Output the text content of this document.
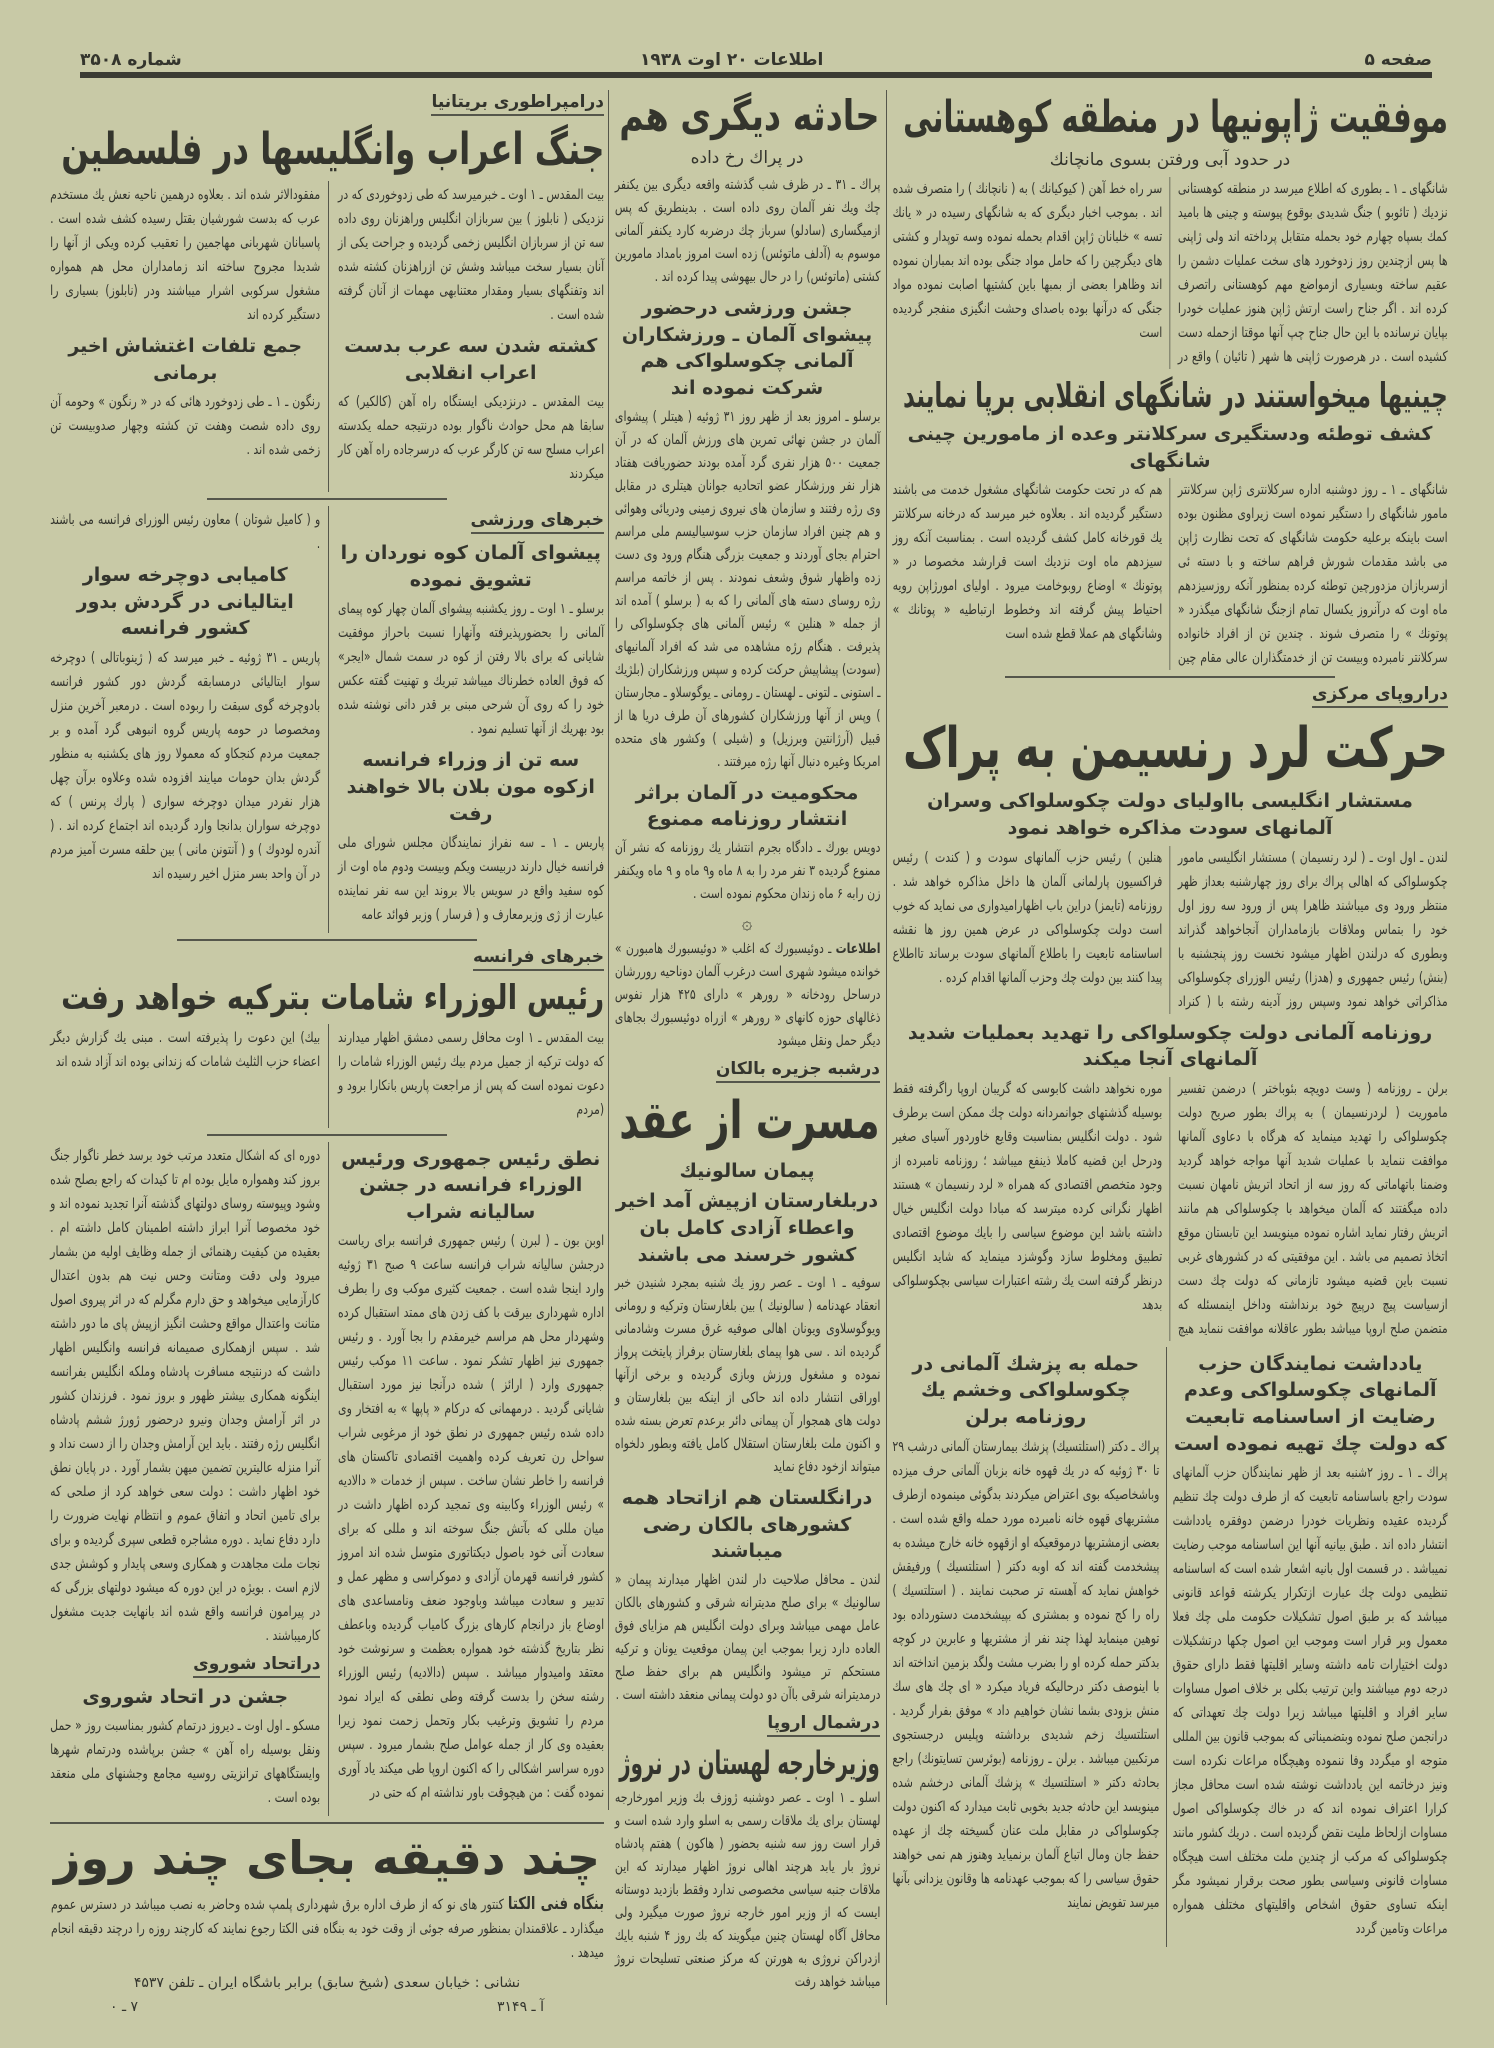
صفحه ۵
اطلاعات ۲۰ اوت ۱۹۳۸
شماره ۳۵۰۸
موفقیت ژاپونیها در منطقه کوهستانی
در حدود آبی ورفتن بسوی مانچانك
شانگهای ـ ۱ ـ بطوری که اطلاع میرسد در منطقه کوهستانی نزدیك ( تائوبو ) جنگ شدیدی بوقوع پیوسته و چینی ها بامید کمك بسپاه چهارم خود بحمله متقابل پرداخته اند ولی ژاپنی ها پس ازچندین روز زدوخورد های سخت عملیات دشمن را عقیم ساخته وبسیاری ازمواضع مهم کوهستانی راتصرف کرده اند . اگر جناح راست ارتش ژاپن هنوز عملیات خودرا بپایان نرسانده با این حال جناح چپ آنها موقتا ازحمله دست کشیده است . در هرصورت ژاپنی ها شهر ( تائیان ) واقع در سر راه خط آهن ( کیوکیانك ) به ( نانچانك ) را متصرف شده اند . بموجب اخبار دیگری که به شانگهای رسیده در « یانك تسه » خلبانان ژاپن اقدام بحمله نموده وسه توپدار و کشتی های دیگرچین را که حامل مواد جنگی بوده اند بمباران نموده اند وظاهرا بعضی از بمبها باین کشتیها اصابت نموده مواد جنگی که درآنها بوده باصدای وحشت انگیزی منفجر گردیده است
چینیها میخواستند در شانگهای انقلابی برپا نمایند
کشف توطئه ودستگیری سرکلانتر وعده از مامورین چینی شانگهای
شانگهای ـ ۱ ـ روز دوشنبه اداره سرکلانتری ژاپن سرکلانتر مامور شانگهای را دستگیر نموده است زیراوی مظنون بوده است باینکه برعلیه حکومت شانگهای که تحت نظارت ژاپن می باشد مقدمات شورش فراهم ساخته و با دسته ئی ازسربازان مزدورچین توطئه کرده بمنظور آنکه روزسیزدهم ماه اوت که درآنروز یکسال تمام ازجنگ شانگهای میگذرد « پوتونك » را متصرف شوند . چندین تن از افراد خانواده سرکلانتر نامبرده وبیست تن از خدمتگذاران عالی مقام چین هم که در تحت حکومت شانگهای مشغول خدمت می باشند دستگیر گردیده اند . بعلاوه خبر میرسد که درخانه سرکلانتر یك قورخانه کامل کشف گردیده است . بمناسبت آنکه روز سیزدهم ماه اوت نزدیك است قرارشد مخصوصا در « پوتونك » اوضاع روبوخامت میرود . اولیای امورژاپن رویه احتیاط پیش گرفته اند وخطوط ارتباطیه « پوتانك » وشانگهای هم عملا قطع شده است
دراروپای مرکزی
حرکت لرد رنسیمن به پراک
مستشار انگلیسی بااولیای دولت چکوسلواکی وسران آلمانهای سودت مذاکره خواهد نمود
لندن ـ اول اوت ـ ( لرد رنسیمان ) مستشار انگلیسی مامور چکوسلواکی که اهالی پراك برای روز چهارشنبه بعداز ظهر منتظر ورود وی میباشند ظاهرا پس از ورود سه روز اول خود را بتماس وملاقات بازمامداران آنجاخواهد گذراند وبطوری که درلندن اظهار میشود نخست روز پنجشنبه با (بنش) رئیس جمهوری و (هدزا) رئیس الوزرای چکوسلواکی مذاکراتی خواهد نمود وسپس روز آدینه رشته با ( کنراد هنلین ) رئیس حزب آلمانهای سودت و ( کندت ) رئیس فراکسیون پارلمانی آلمان ها داخل مذاکره خواهد شد . روزنامه (تایمز) دراین باب اظهارامیدواری می نماید که خوب است دولت چکوسلواکی در عرض همین روز ها نقشه اساسنامه تابعیت را باطلاع آلمانهای سودت برساند تااطلاع پیدا کنند بین دولت چك وحزب آلمانها اقدام کرده .
روزنامه آلمانی دولت چکوسلواکی را تهدید بعملیات شدید آلمانهای آنجا میکند
برلن ـ روزنامه ( وست دویچه بئوباختر ) درضمن تفسیر ماموریت ( لردرنسیمان ) به پراك بطور صریح دولت چکوسلواکی را تهدید مینماید که هرگاه با دعاوی آلمانها موافقت ننماید با عملیات شدید آنها مواجه خواهد گردید وضمنا باتهاماتی که روز سه از اتحاد اتریش نامهان نسبت داده میگفتند که آلمان میخواهد با چکوسلواکی هم مانند اتریش رفتار نماید اشاره نموده مینویسد این تابستان موقع اتخاذ تصمیم می باشد . این موفقیتی که در کشورهای غربی نسبت باین قضیه میشود تازمانی که دولت چك دست ازسیاست پیچ درپیچ خود برنداشته وداخل اینمسئله که متضمن صلح اروپا میباشد بطور عاقلانه موافقت ننماید هیچ موره نخواهد داشت کابوسی که گریبان اروپا راگرفته فقط بوسیله گذشتهای جوانمردانه دولت چك ممکن است برطرف شود . دولت انگلیس بمناسبت وقایع خاوردور آسیای صغیر ودرحل این قضیه کاملا ذینفع میباشد ؛ روزنامه نامبرده از وجود متخصص اقتصادی که همراه « لرد رنسیمان » هستند اظهار نگرانی کرده میترسد که مبادا دولت انگلیس خیال داشته باشد این موضوع سیاسی را بایك موضوع اقتصادی تطبیق ومخلوط سازد وگوشزد مینماید که شاید انگلیس درنظر گرفته است یك رشته اعتبارات سیاسی بچکوسلواکی بدهد
یادداشت نمایندگان حزب آلمانهای چکوسلواکی وعدم رضایت از اساسنامه تابعیت که دولت چك تهیه نموده است
پراك ـ ۱ ـ روز ۲شنبه بعد از ظهر نمایندگان حزب آلمانهای سودت راجع باساسنامه تابعیت که از طرف دولت چك تنظیم گردیده عقیده ونظریات خودرا درضمن دوفقره یادداشت انتشار داده اند . طبق بیانیه آنها این اساسنامه موجب رضایت نمیباشد . در قسمت اول بانیه اشعار شده است که اساسنامه تنظیمی دولت چك عبارت ازتکرار یکرشته قواعد قانونی میباشد که بر طبق اصول تشکیلات حکومت ملی چك فعلا معمول وبر قرار است وموجب این اصول چکها درتشکیلات دولت اختیارات تامه داشته وسایر اقلیتها فقط دارای حقوق درجه دوم میباشند واین ترتیب بکلی بر خلاف اصول مساوات سایر افراد و اقلیتها میباشد زیرا دولت چك تعهداتی که درانجمن صلح نموده وبتضمیناتی که بموجب قانون بین المللی متوجه او میگردد وفا ننموده وهیچگاه مراعات نکرده است ونیز درخاتمه این یادداشت نوشته شده است محافل مجاز کرارا اعتراف نموده اند که در خاك چکوسلواکی اصول مساوات ازلحاظ ملیت نقض گردیده است . دریك کشور مانند چکوسلواکی که مرکب از چندین ملت مختلف است هیچگاه مساوات قانونی وسیاسی بطور صحت برقرار نمیشود مگر اینکه تساوی حقوق اشخاص واقلیتهای مختلف همواره مراعات وتامین گردد
حمله به پزشك آلمانی در چکوسلواکی وخشم یك روزنامه برلن
پراك ـ دکتر (استلتسیك) پزشك بیمارستان آلمانی درشب ۲۹ تا ۳۰ ژوئیه که در یك قهوه خانه بزبان آلمانی حرف میزده وباشخاصیکه بوی اعتراض میکردند بدگوئی مینموده ازطرف مشتریهای قهوه خانه نامبرده مورد حمله واقع شده است . بعضی ازمشتریها درموقعیکه او ازقهوه خانه خارج میشده به پیشخدمت گفته اند که اوبه دکتر ( استلتسیك ) ورفیقش خواهش نماید که آهسته تر صحبت نمایند . ( استلتسیك ) راه را کج نموده و بمشتری که بپیشخدمت دستورداده بود توهین مینماید لهذا چند نفر از مشتریها و عابرین در کوچه بدکتر حمله کرده او را بضرب مشت ولگد بزمین انداخته اند با اینوصف دکتر درحالیکه فریاد میکرد « ای چك های سك منش بزودی بشما نشان خواهیم داد » موفق بفرار گردید . استلتسیك زخم شدیدی برداشته وپلیس درجستجوی مرتکبین میباشد . برلن ـ روزنامه (بوئرسن تسایتونك) راجع بحادثه دکتر « استلتسیك » پزشك آلمانی درخشم شده مینویسد این حادثه جدید بخوبی ثابت میدارد که اکنون دولت چکوسلواکی در مقابل ملت عنان گسیخته چك از عهده حفظ جان ومال اتباع آلمان برنمیاید وهنوز هم نمی خواهند حقوق سیاسی را که بموجب عهدنامه ها وقانون یزدانی بآنها میرسد تفویض نمایند
حادثه دیگری هم
در پراك رخ داده
پراك ـ ۳۱ ـ در ظرف شب گذشته واقعه دیگری بین یکنفر چك ویك نفر آلمان روی داده است . بدینطریق که پس ازمیگساری (سادلو) سرباز چك درضربه کارد یکنفر آلمانی موسوم به (آدلف ماتوئس) زده است امروز بامداد مامورین کشتی (ماتوئس) را در حال بیهوشی پیدا کرده اند .
جشن ورزشی درحضور پیشوای آلمان ـ ورزشکاران آلمانی چکوسلواکی هم شرکت نموده اند
برسلو ـ امروز بعد از ظهر روز ۳۱ ژوئیه ( هیتلر ) پیشوای آلمان در جشن نهائی تمرین های ورزش آلمان که در آن جمعیت ۵۰۰ هزار نفری گرد آمده بودند حضوریافت هفتاد هزار نفر ورزشکار عضو اتحادیه جوانان هیتلری در مقابل وی رژه رفتند و سازمان های نیروی زمینی ودریائی وهوائی و هم چنین افراد سازمان حزب سوسیالیسم ملی مراسم احترام بجای آوردند و جمعیت بزرگی هنگام ورود وی دست زده واظهار شوق وشعف نمودند . پس از خاتمه مراسم رژه روسای دسته های آلمانی را که به ( برسلو ) آمده اند از جمله « هنلین » رئیس آلمانی های چکوسلواکی را پذیرفت . هنگام رژه مشاهده می شد که افراد آلمانیهای (سودت) پیشاپیش حرکت کرده و سپس ورزشکاران (بلژیك ـ استونی ـ لتونی ـ لهستان ـ رومانی ـ یوگوسلاو ـ مجارستان ) وپس از آنها ورزشکاران کشورهای آن طرف دریا ها از قبیل (آرژانتین وبرزیل) و (شیلی ) وکشور های متحده امریکا وغیره دنبال آنها رژه میرفتند .
محکومیت در آلمان براثر انتشار روزنامه ممنوع
دویس بورك ـ دادگاه بجرم انتشار یك روزنامه که نشر آن ممنوع گردیده ۳ نفر مرد را به ۸ ماه و۹ ماه و ۹ ماه ویکنفر زن رابه ۶ ماه زندان محکوم نموده است .
۞
اطلاعات ـ دوئیسبورك كه اغلب « دوئیسبورك هامبورن » خوانده میشود شهری است درغرب آلمان دوناحیه روررشان درساحل رودخانه « رورهر » دارای ۴۲۵ هزار نفوس ذغالهای حوزه کانهای « رورهر » ازراه دوئیسبورك بجاهای دیگر حمل ونقل میشود
درشبه جزیره بالکان
مسرت از عقد
پیمان سالونیك
دربلغارستان ازپیش آمد اخیر واعطاء آزادی کامل بان کشور خرسند می باشند
سوفیه ـ ۱ اوت ـ عصر روز یك شنبه بمجرد شنیدن خبر انعقاد عهدنامه ( سالونیك ) بین بلغارستان وترکیه و رومانی ویوگوسلاوی ویونان اهالی صوفیه غرق مسرت وشادمانی گردیده اند . سی هوا پیمای بلغارستان برفراز پایتخت پرواز نموده و مشغول ورزش وبازی گردیده و برخی ازآنها اوراقی انتشار داده اند حاکی از اینکه بین بلغارستان و دولت های همجوار آن پیمانی دائر برعدم تعرض بسته شده و اکنون ملت بلغارستان استقلال کامل یافته وبطور دلخواه میتواند ازخود دفاع نماید
درانگلستان هم ازاتحاد همه کشورهای بالکان رضی میباشند
لندن ـ محافل صلاحیت دار لندن اظهار میدارند پیمان « سالونیك » برای صلح مدیترانه شرقی و کشورهای بالکان عامل مهمی میباشد وبرای دولت انگلیس هم مزایای فوق العاده دارد زیرا بموجب این پیمان موقعیت یونان و ترکیه مستحکم تر میشود وانگلیس هم برای حفظ صلح درمدیترانه شرقی باآن دو دولت پیمانی منعقد داشته است .
درشمال اروپا
وزیرخارجه لهستان در نروژ
اسلو ـ ۱ اوت ـ عصر دوشنبه ژوزف بك وزیر امورخارجه لهستان برای یك ملاقات رسمی به اسلو وارد شده است و قرار است روز سه شنبه بحضور ( هاکون ) هفتم پادشاه نروژ بار یابد هرچند اهالی نروژ اظهار میدارند که این ملاقات جنبه سیاسی مخصوصی ندارد وفقط بازدید دوستانه ایست که از وزیر امور خارجه نروژ صورت میگیرد ولی محافل آگاه لهستان چنین میگویند که بك روز ۴ شنبه بایك ازدراکن نروژی به هورتن که مرکز صنعتی تسلیحات نروژ میباشد خواهد رفت
درامپراطوری بریتانیا
جنگ اعراب وانگلیسها در فلسطین
بیت المقدس ـ ۱ اوت ـ خبرمیرسد که طی زدوخوردی که در نزدیکی ( نابلوز ) بین سربازان انگلیس وراهزنان روی داده سه تن از سربازان انگلیس زخمی گردیده و جراحت یکی از آنان بسیار سخت میباشد وشش تن ازراهزنان کشته شده اند وتفنگهای بسیار ومقدار معتنابهی مهمات از آنان گرفته شده است .
کشته شدن سه عرب بدست اعراب انقلابی
بیت المقدس ـ درنزدیکی ایستگاه راه آهن (کالکیر) که سابقا هم محل حوادث ناگوار بوده درنتیجه حمله یکدسته اعراب مسلح سه تن کارگر عرب که درسرجاده راه آهن کار میکردند
مفقودالاثر شده اند . بعلاوه درهمین ناحیه نعش یك مستخدم عرب که بدست شورشیان بقتل رسیده کشف شده است . پاسبانان شهربانی مهاجمین را تعقیب کرده ویکی از آنها را شدیدا مجروح ساخته اند زمامداران محل هم همواره مشغول سرکوبی اشرار میباشند ودر (نابلوز) بسیاری را دستگیر کرده اند
جمع تلفات اغتشاش اخیر برمانی
رنگون ـ ۱ ـ طی زدوخورد هائی که در « رنگون » وحومه آن روی داده شصت وهفت تن کشته وچهار صدوبیست تن زخمی شده اند .
خبرهای ورزشی
پیشوای آلمان کوه نوردان را تشویق نموده
برسلو ـ ۱ اوت ـ روز یکشنبه پیشوای آلمان چهار کوه پیمای آلمانی را بحضورپذیرفته وآنهارا نسبت باحراز موفقیت شایانی که برای بالا رفتن از کوه در سمت شمال «ایجر» که فوق العاده خطرناك میباشد تبریك و تهنیت گفته عکس خود را که روی آن شرحی مبنی بر قدر دانی نوشته شده بود بهریك از آنها تسلیم نمود .
سه تن از وزراء فرانسه ازکوه مون بلان بالا خواهند رفت
پاریس ـ ۱ ـ سه نفراز نمایندگان مجلس شورای ملی فرانسه خیال دارند دربیست ویکم وبیست ودوم ماه اوت از کوه سفید واقع در سویس بالا بروند این سه نفر نماینده عبارت از ژی وزیرمعارف و ( فرسار ) وزیر فوائد عامه
و ( کامیل شوتان ) معاون رئیس الوزرای فرانسه می باشند .
کامیابی دوچرخه سوار ایتالیانی در گردش بدور کشور فرانسه
پاریس ـ ۳۱ ژوئیه ـ خبر میرسد که ( ژینوباتالی ) دوچرخه سوار ایتالیائی درمسابقه گردش دور کشور فرانسه بادوچرخه گوی سبقت را ربوده است . درمعبر آخرین منزل ومخصوصا در حومه پاریس گروه انبوهی گرد آمده و بر جمعیت مردم کنجکاو که معمولا روز های یکشنبه به منظور گردش بدان حومات میایند افزوده شده وعلاوه برآن چهل هزار نفردر میدان دوچرخه سواری ( پارك پرنس ) که دوچرخه سواران بدانجا وارد گردیده اند اجتماع کرده اند . ( آندره لودوك ) و ( آنتونن مانی ) بین حلقه مسرت آمیز مردم در آن واحد بسر منزل اخیر رسیده اند
خبرهای فرانسه
رئیس الوزراء شامات بترکیه خواهد رفت
بیت المقدس ـ ۱ اوت محافل رسمی دمشق اظهار میدارند که دولت ترکیه از جمیل مردم بیك رئیس الوزراء شامات را دعوت نموده است که پس از مراجعت پاریس بانکارا برود و (مردم
بیك) این دعوت را پذیرفته است . مبنی یك گزارش دیگر اعضاء حزب الثلیث شامات که زندانی بوده اند آزاد شده اند
نطق رئیس جمهوری ورئیس الوزراء فرانسه در جشن سالیانه شراب
اوبن بون ـ ( لبرن ) رئیس جمهوری فرانسه برای ریاست درجشن سالیانه شراب فرانسه ساعت ۹ صبح ۳۱ ژوئیه وارد اینجا شده است . جمعیت کثیری موکب وی را بطرف اداره شهرداری بیرقت با کف زدن های ممتد استقبال کرده وشهردار محل هم مراسم خیرمقدم را بجا آورد . و رئیس جمهوری نیز اظهار تشکر نمود . ساعت ۱۱ موکب رئیس جمهوری وارد ( ارائز ) شده درآنجا نیز مورد استقبال شایانی گردید . درمهمانی که درکام « پاپها » به افتخار وی داده شده رئیس جمهوری در نطق خود از مرغوبی شراب سواحل رن تعریف کرده واهمیت اقتصادی تاکستان های فرانسه را خاطر نشان ساخت . سپس از خدمات « دالادیه » رئیس الوزراء وکابینه وی تمجید کرده اظهار داشت در میان مللی که بآتش جنگ سوخته اند و مللی که برای سعادت آنی خود باصول دیکتاتوری متوسل شده اند امروز کشور فرانسه قهرمان آزادی و دموکراسی و مظهر عمل و تدبیر و سعادت میباشد وباوجود ضعف ونامساعدی های اوضاع باز درانجام کارهای بزرگ کامیاب گردیده وباعطف نظر بتاریخ گذشته خود همواره بعظمت و سرنوشت خود معتقد وامیدوار میباشد . سپس (دالادیه) رئیس الوزراء رشته سخن را بدست گرفته وطی نطقی که ایراد نمود مردم را تشویق وترغیب بکار وتحمل زحمت نمود زیرا بعقیده وی کار از جمله عوامل صلح بشمار میرود . سپس دوره سراسر اشکالی را که اکنون اروپا طی میکند یاد آوری نموده گفت : من هیچوقت باور نداشته ام که حتی در
دوره ای که اشکال متعدد مرتب خود برسد خطر ناگوار جنگ بروز کند وهمواره مایل بوده ام تا کیدات که راجع بصلح شده وشود وپیوسته روسای دولتهای گذشته آنرا تجدید نموده اند و خود مخصوصا آنرا ابراز داشته اطمینان کامل داشته ام . بعقیده من کیفیت رهنمائی از جمله وظایف اولیه من بشمار میرود ولی دقت ومتانت وحس نیت هم بدون اعتدال کارآزمایی میخواهد و حق دارم مگرلم که در اثر پیروی اصول متانت واعتدال مواقع وحشت انگیز ازپیش پای ما دور داشته شد . سپس ازهمکاری صمیمانه فرانسه وانگلیس اظهار داشت که درنتیجه مسافرت پادشاه وملکه انگلیس بفرانسه اینگونه همکاری بیشتر ظهور و بروز نمود . فرزندان کشور در اثر آرامش وجدان ونیرو درحضور ژورژ ششم پادشاه انگلیس رژه رفتند . باید این آرامش وجدان را از دست نداد و آنرا منزله عالیترین تضمین میهن بشمار آورد . در پایان نطق خود اظهار داشت : دولت سعی خواهد کرد از صلحی که برای تامین اتحاد و اتفاق عموم و انتظام نهایت ضرورت را دارد دفاع نماید . دوره مشاجره قطعی سپری گردیده و برای نجات ملت مجاهدت و همکاری وسعی پایدار و کوشش جدی لازم است . بویژه در این دوره که میشود دولتهای بزرگی که در پیرامون فرانسه واقع شده اند بانهایت جدیت مشغول کارمیباشند .
دراتحاد شوروی
جشن در اتحاد شوروی
مسکو ـ اول اوت ـ دیروز درتمام کشور بمناسبت روز « حمل ونقل بوسیله راه آهن » جشن برپاشده ودرتمام شهرها وایستگاههای ترانزیتی روسیه مجامع وجشنهای ملی منعقد بوده است .
چند دقیقه بجای چند روز
بنگاه فنی الکتا کنتور های نو که از طرف اداره برق شهرداری پلمپ شده وحاضر به نصب میباشد در دسترس عموم میگذارد ـ علاقمندان بمنظور صرفه جوئی از وقت خود به بنگاه فنی الکتا رجوع نمایند که کارچند روزه را درچند دقیقه انجام میدهد .
نشانی : خیابان سعدی (شیخ سابق) برابر باشگاه ایران ـ تلفن ۴۵۳۷
آ ـ ۳۱۴۹
۷ ـ ۰
